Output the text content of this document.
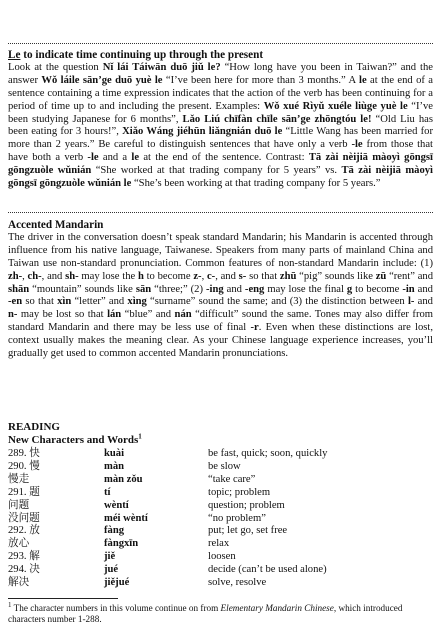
Le to indicate time continuing up through the present

Look at the question Nǐ lái Táiwān duō jiǔ le? “How long have you been in Taiwan?” and the answer Wǒ láile sān’ge duō yuè le “I’ve been here for more than 3 months.” A le at the end of a sentence containing a time expression indicates that the action of the verb has been continuing for a period of time up to and including the present. Examples: Wǒ xué Rìyǔ xuéle liùge yuè le “I’ve been studying Japanese for 6 months”, Lǎo Liú chīfàn chīle sān’ge zhōngtóu le! “Old Liu has been eating for 3 hours!”, Xiǎo Wáng jiéhūn liǎngnián duō le “Little Wang has been married for more than 2 years.” Be careful to distinguish sentences that have only a verb -le from those that have both a verb -le and a le at the end of the sentence. Contrast: Tā zài nèijiā màoyì gōngsī gōngzuòle wǔnián “She worked at that trading company for 5 years” vs. Tā zài nèijiā màoyì gōngsī gōngzuòle wǔnián le “She’s been working at that trading company for 5 years.”

Accented Mandarin

The driver in the conversation doesn’t speak standard Mandarin; his Mandarin is accented through influence from his native language, Taiwanese. Speakers from many parts of mainland China and Taiwan use non-standard pronunciation. Common features of non-standard Mandarin include: (1) zh-, ch-, and sh- may lose the h to become z-, c-, and s- so that zhū “pig” sounds like zū “rent” and shān “mountain” sounds like sān “three;” (2) -ing and -eng may lose the final g to become -in and -en so that xìn “letter” and xìng “surname” sound the same; and (3) the distinction between l- and n- may be lost so that lán “blue” and nán “difficult” sound the same. Tones may also differ from standard Mandarin and there may be less use of final -r. Even when these distinctions are lost, context usually makes the meaning clear. As your Chinese language experience increases, you’ll gradually get used to common accented Mandarin pronunciations.

READING
New Characters and Words$^1$
289. 快	kuài	be fast, quick; soon, quickly
290. 慢	màn	be slow
慢走	màn zǒu	“take care”
291. 题	tí	topic; problem
问题	wèntí	question; problem
没问题	méi wèntí	“no problem”
292. 放	fàng	put; let go, set free
放心	fàngxīn	relax
293. 解	jiě	loosen
294. 决	jué	decide (can’t be used alone)
解决	jiějué	solve, resolve
$^1$ The character numbers in this volume continue on from Elementary Mandarin Chinese, which introduced characters number 1-288.
